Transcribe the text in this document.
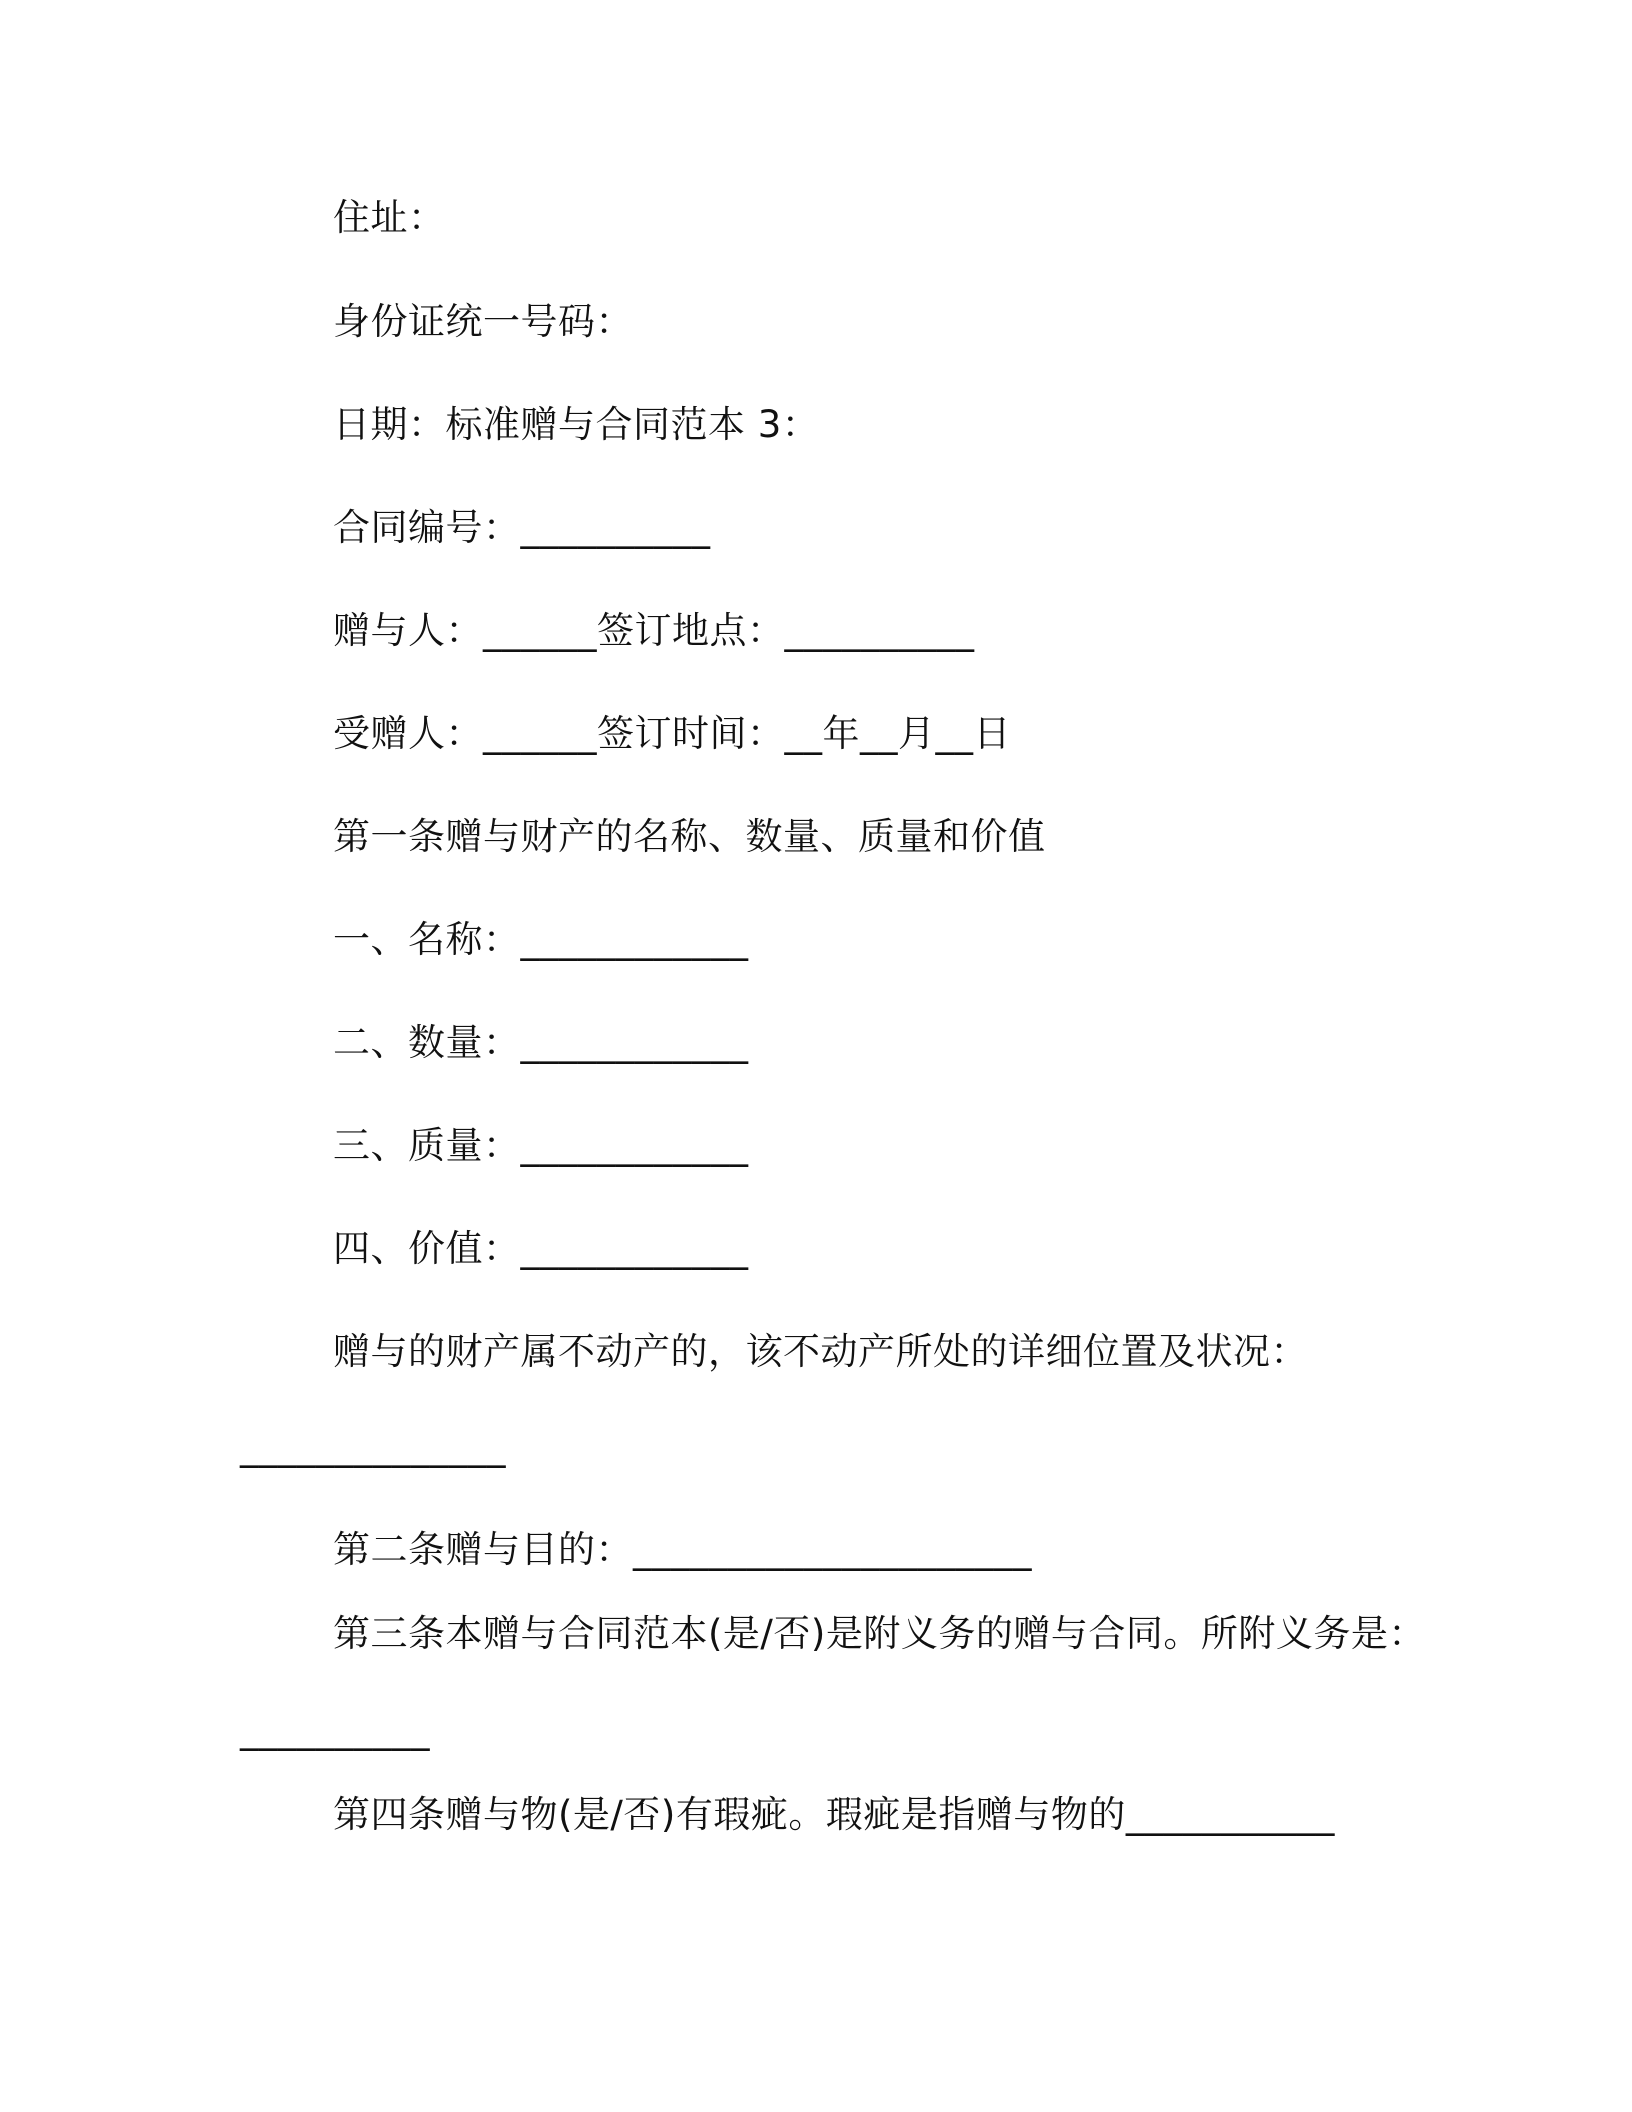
住址：
身份证统一号码：
日期：标准赠与合同范本 3：
合同编号：__________
赠与人：______签订地点：__________
受赠人：______签订时间：__年__月__日
第一条赠与财产的名称、数量、质量和价值
一、名称：____________
二、数量：____________
三、质量：____________
四、价值：____________
赠与的财产属不动产的，该不动产所处的详细位置及状况：
______________
第二条赠与目的：_____________________
第三条本赠与合同范本(是/否)是附义务的赠与合同。所附义务是：
__________
第四条赠与物(是/否)有瑕疵。瑕疵是指赠与物的___________
